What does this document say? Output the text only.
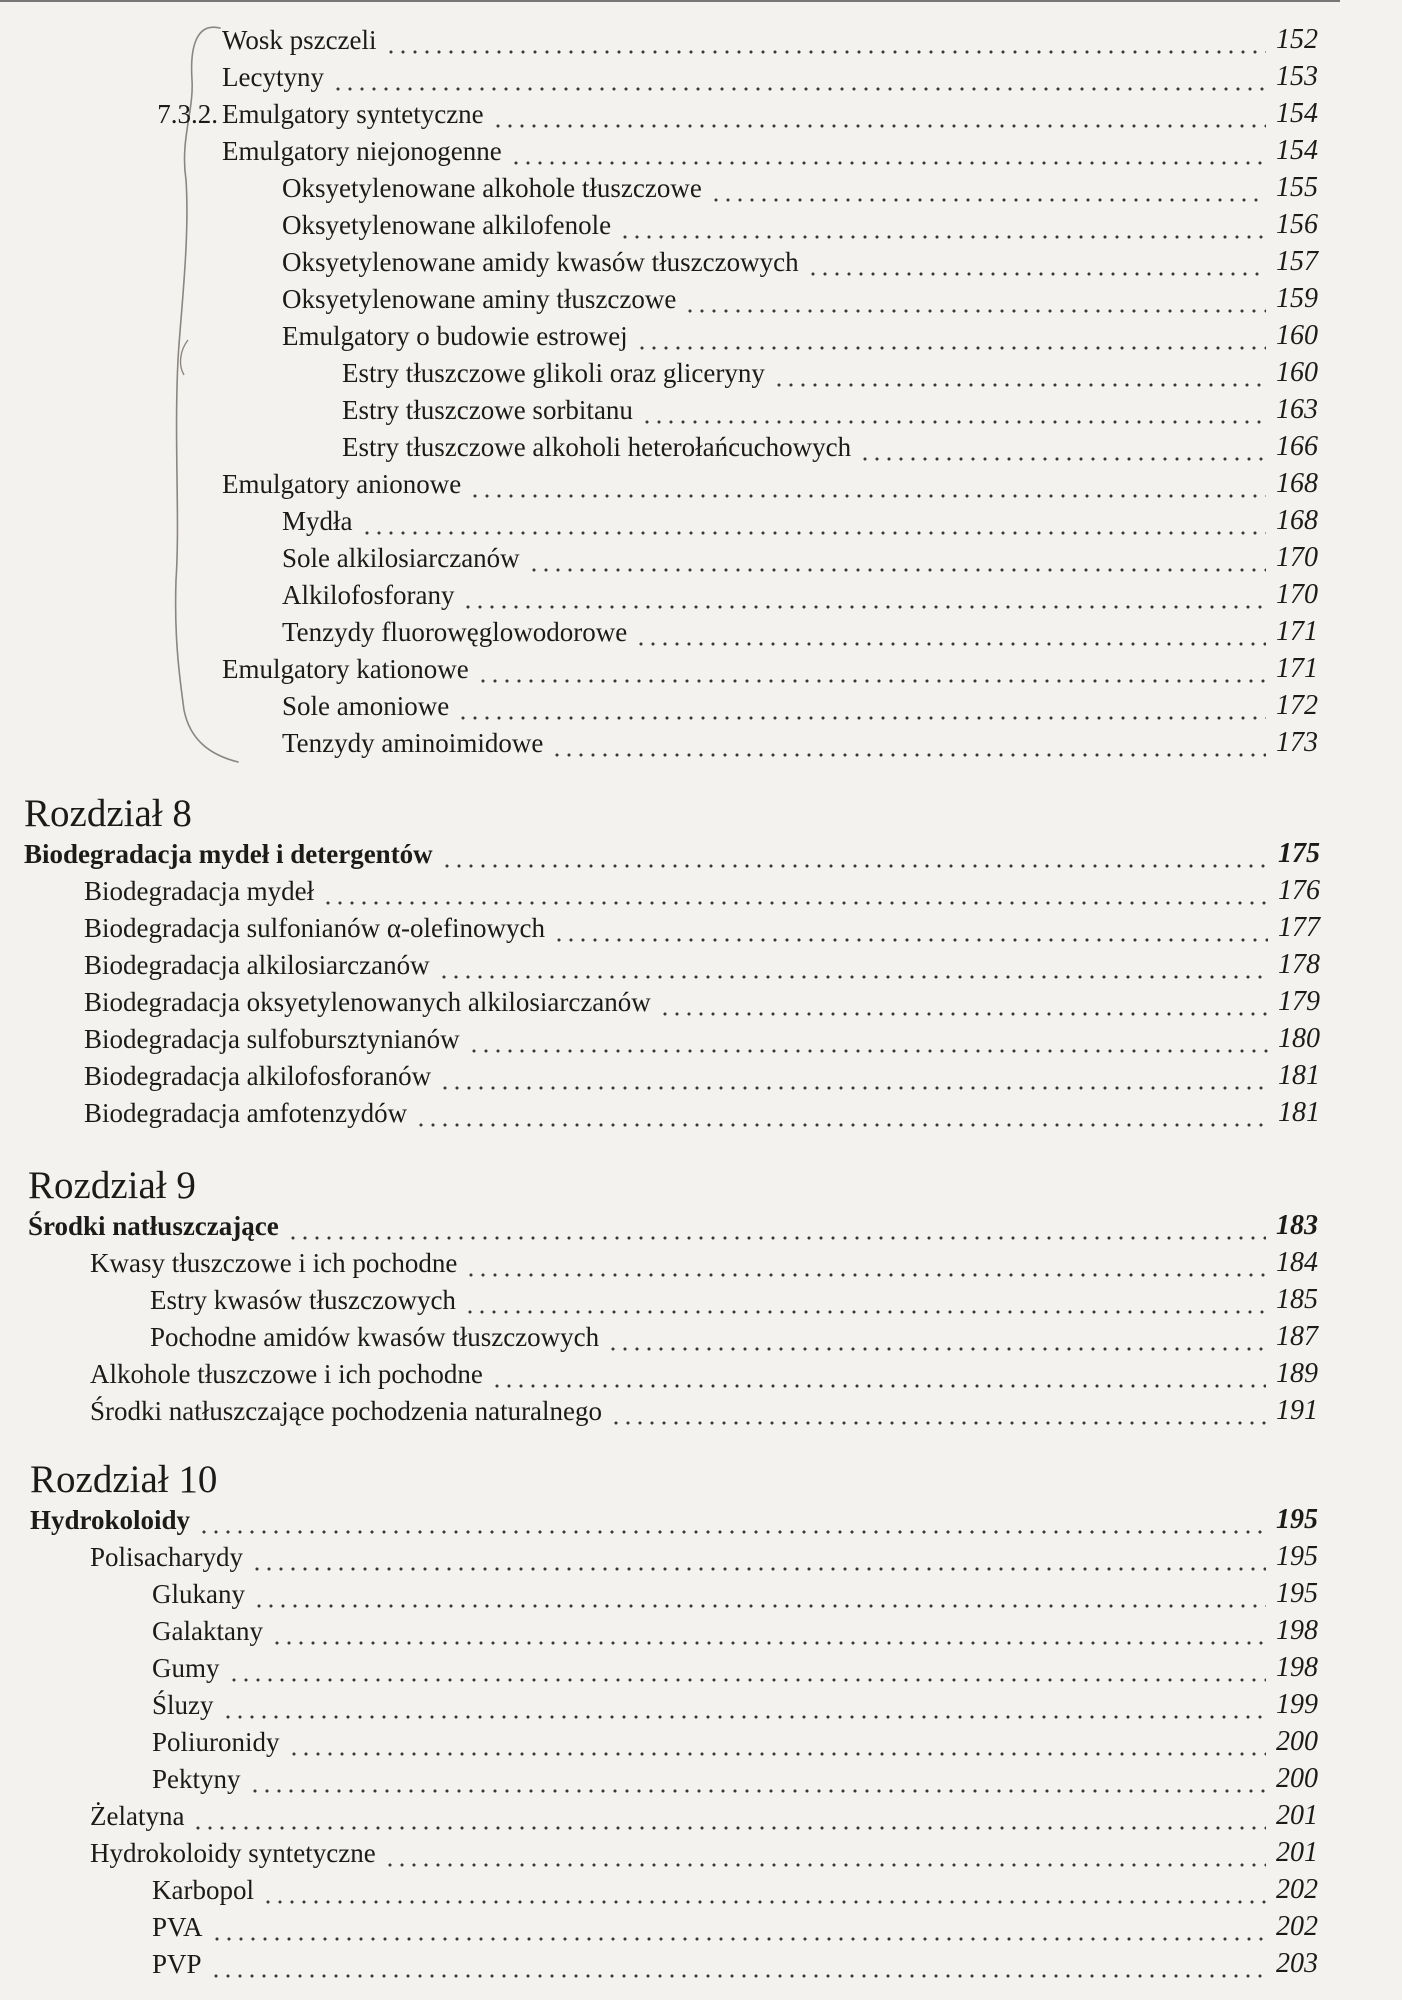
Wosk pszczeli	152
Lecytyny	153
7.3.2. Emulgatory syntetyczne	154
Emulgatory niejonogenne	154
Oksyetylenowane alkohole tłuszczowe	155
Oksyetylenowane alkilofenole	156
Oksyetylenowane amidy kwasów tłuszczowych	157
Oksyetylenowane aminy tłuszczowe	159
Emulgatory o budowie estrowej	160
Estry tłuszczowe glikoli oraz gliceryny	160
Estry tłuszczowe sorbitanu	163
Estry tłuszczowe alkoholi heterołańcuchowych	166
Emulgatory anionowe	168
Mydła	168
Sole alkilosiarczanów	170
Alkilofosforany	170
Tenzydy fluorowęglowodorowe	171
Emulgatory kationowe	171
Sole amoniowe	172
Tenzydy aminoimidowe	173
Rozdział 8
Biodegradacja mydeł i detergentów	175
Biodegradacja mydeł	176
Biodegradacja sulfonianów α-olefinowych	177
Biodegradacja alkilosiarczanów	178
Biodegradacja oksyetylenowanych alkilosiarczanów	179
Biodegradacja sulfobursztynianów	180
Biodegradacja alkilofosforanów	181
Biodegradacja amfotenzydów	181
Rozdział 9
Środki natłuszczające	183
Kwasy tłuszczowe i ich pochodne	184
Estry kwasów tłuszczowych	185
Pochodne amidów kwasów tłuszczowych	187
Alkohole tłuszczowe i ich pochodne	189
Środki natłuszczające pochodzenia naturalnego	191
Rozdział 10
Hydrokoloidy	195
Polisacharydy	195
Glukany	195
Galaktany	198
Gumy	198
Śluzy	199
Poliuronidy	200
Pektyny	200
Żelatyna	201
Hydrokoloidy syntetyczne	201
Karbopol	202
PVA	202
PVP	203
